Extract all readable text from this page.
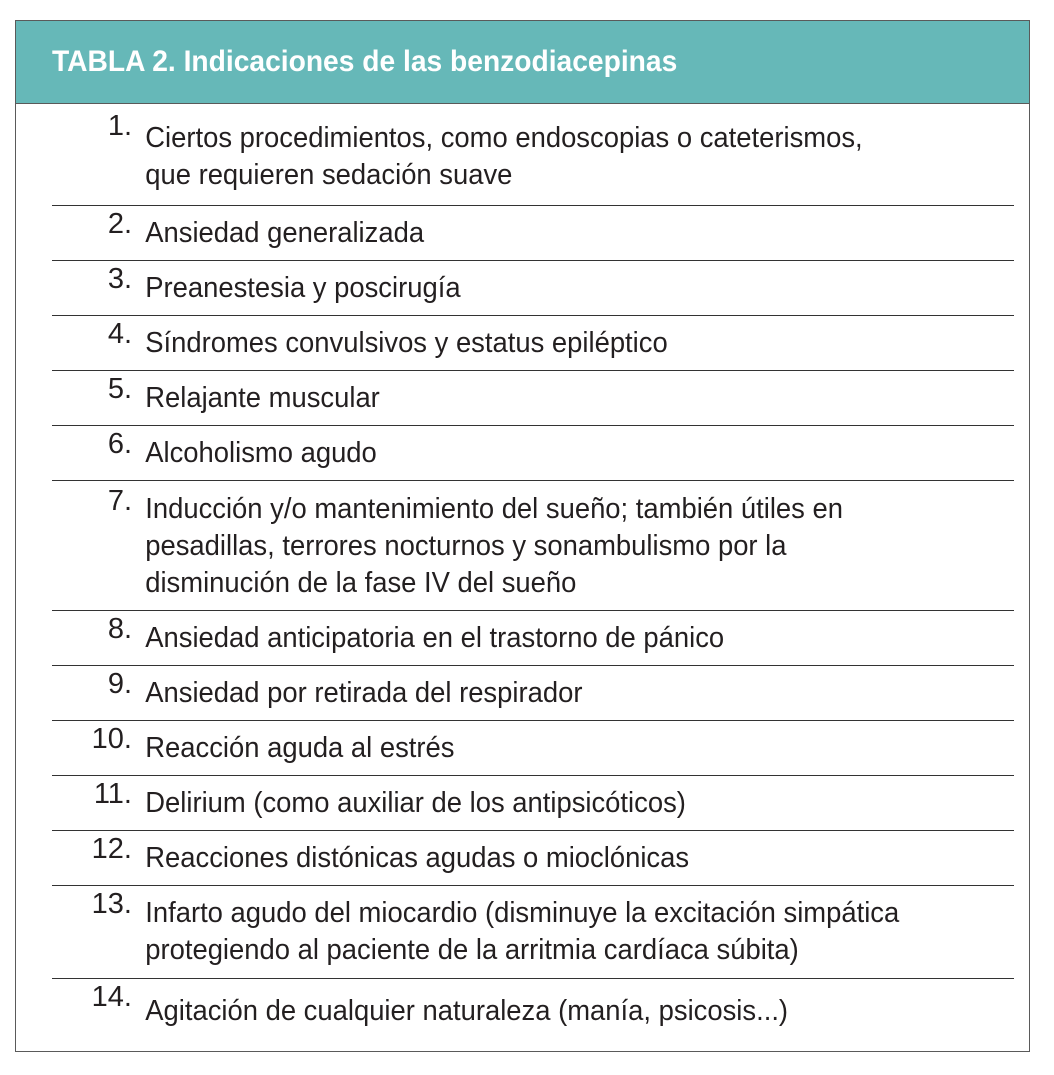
TABLA 2. Indicaciones de las benzodiacepinas
1. Ciertos procedimientos, como endoscopias o cateterismos,
que requieren sedación suave
2. Ansiedad generalizada
3. Preanestesia y poscirugía
4. Síndromes convulsivos y estatus epiléptico
5. Relajante muscular
6. Alcoholismo agudo
7. Inducción y/o mantenimiento del sueño; también útiles en
pesadillas, terrores nocturnos y sonambulismo por la
disminución de la fase IV del sueño
8. Ansiedad anticipatoria en el trastorno de pánico
9. Ansiedad por retirada del respirador
10. Reacción aguda al estrés
11. Delirium (como auxiliar de los antipsicóticos)
12. Reacciones distónicas agudas o mioclónicas
13. Infarto agudo del miocardio (disminuye la excitación simpática
protegiendo al paciente de la arritmia cardíaca súbita)
14. Agitación de cualquier naturaleza (manía, psicosis...)
